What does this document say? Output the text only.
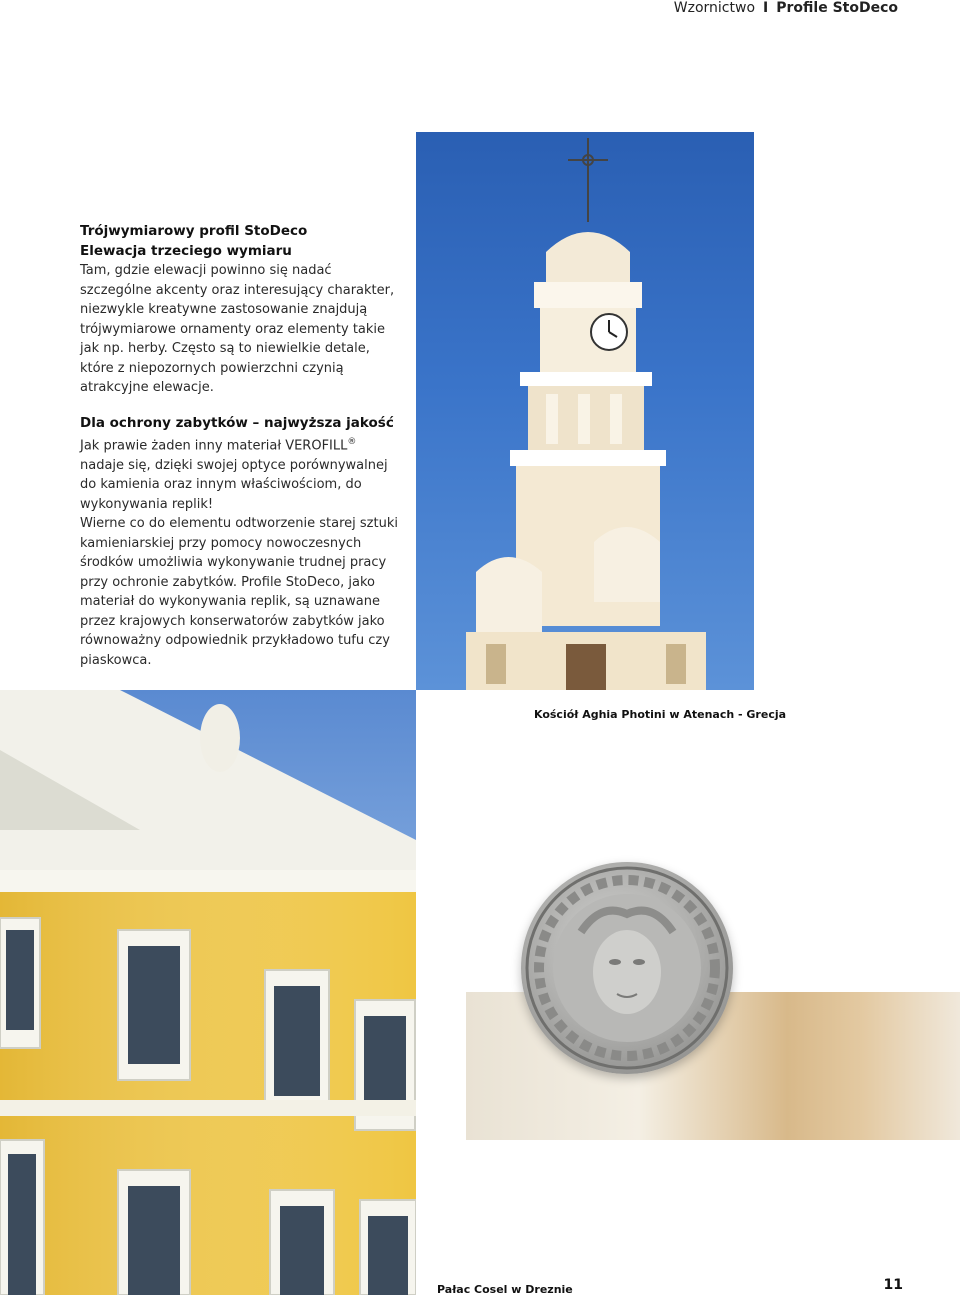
Wzornictwo I Profile StoDeco
Trójwymiarowy profil StoDeco
Elewacja trzeciego wymiaru

Tam, gdzie elewacji powinno się nadać szczególne akcenty oraz interesujący charakter, niezwykle kreatywne zastosowanie znajdują trójwymiarowe ornamenty oraz elementy takie jak np. herby. Często są to niewielkie detale, które z niepozornych powierzchni czynią atrakcyjne elewacje.

Dla ochrony zabytków – najwyższa jakość

Jak prawie żaden inny materiał VEROFILL® nadaje się, dzięki swojej optyce porównywalnej do kamienia oraz innym właściwościom, do wykonywania replik!

Wierne co do elementu odtworzenie starej sztuki kamieniarskiej przy pomocy nowoczesnych środków umożliwia wykonywanie trudnej pracy przy ochronie zabytków. Profile StoDeco, jako materiał do wykonywania replik, są uznawane przez krajowych konserwatorów zabytków jako równoważny odpowiednik przykładowo tufu czy piaskowca.

Kościół Aghia Photini w Atenach - Grecja
Pałac Cosel w Dreznie	11
